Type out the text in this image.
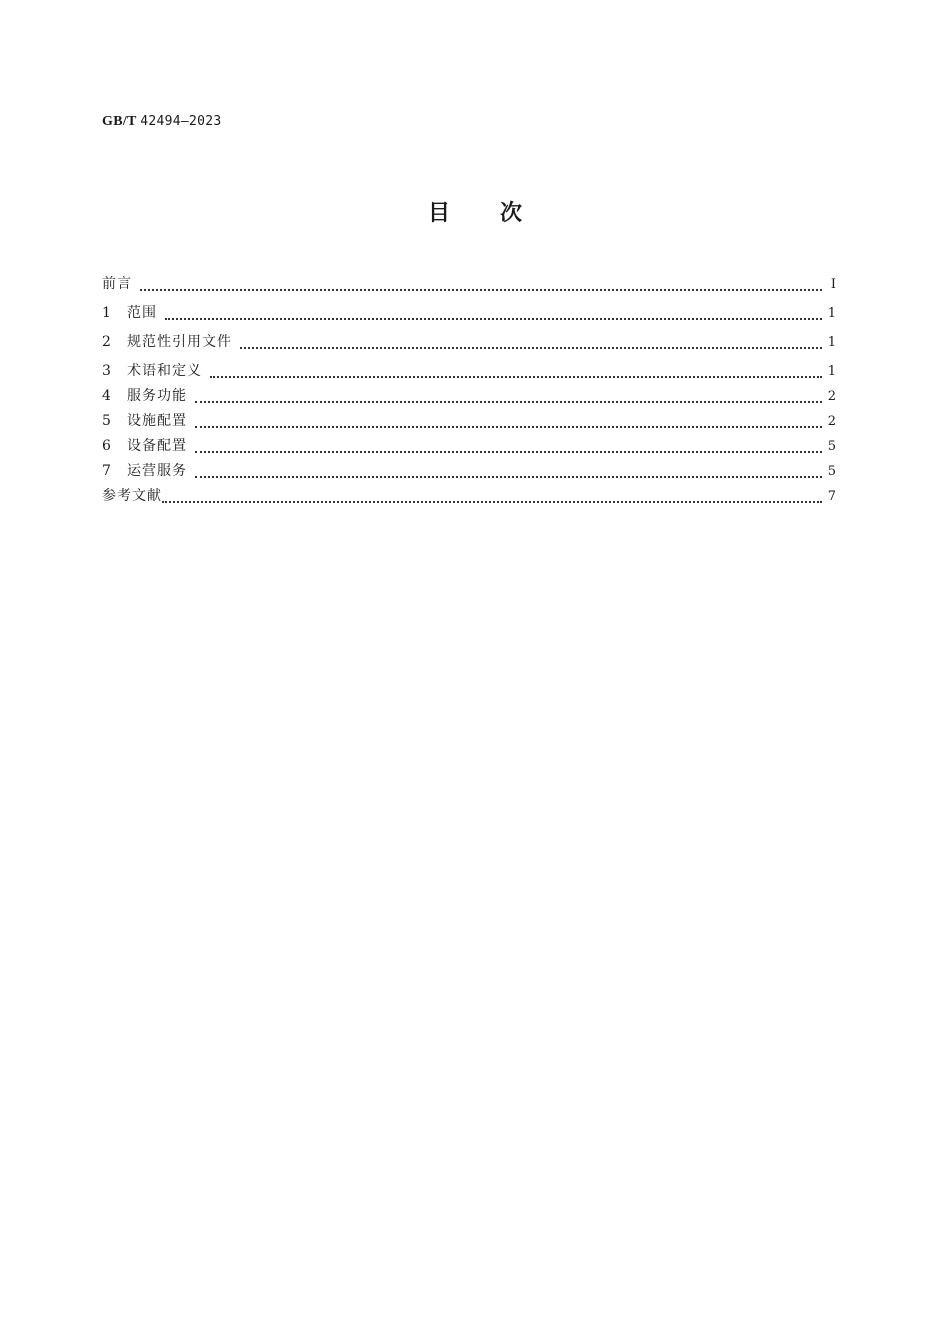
GB/T 42494—2023
目 次
前言	Ⅰ
1	范围	1
2	规范性引用文件	1
3	术语和定义	1
4	服务功能	2
5	设施配置	2
6	设备配置	5
7	运营服务	5
参考文献	7
